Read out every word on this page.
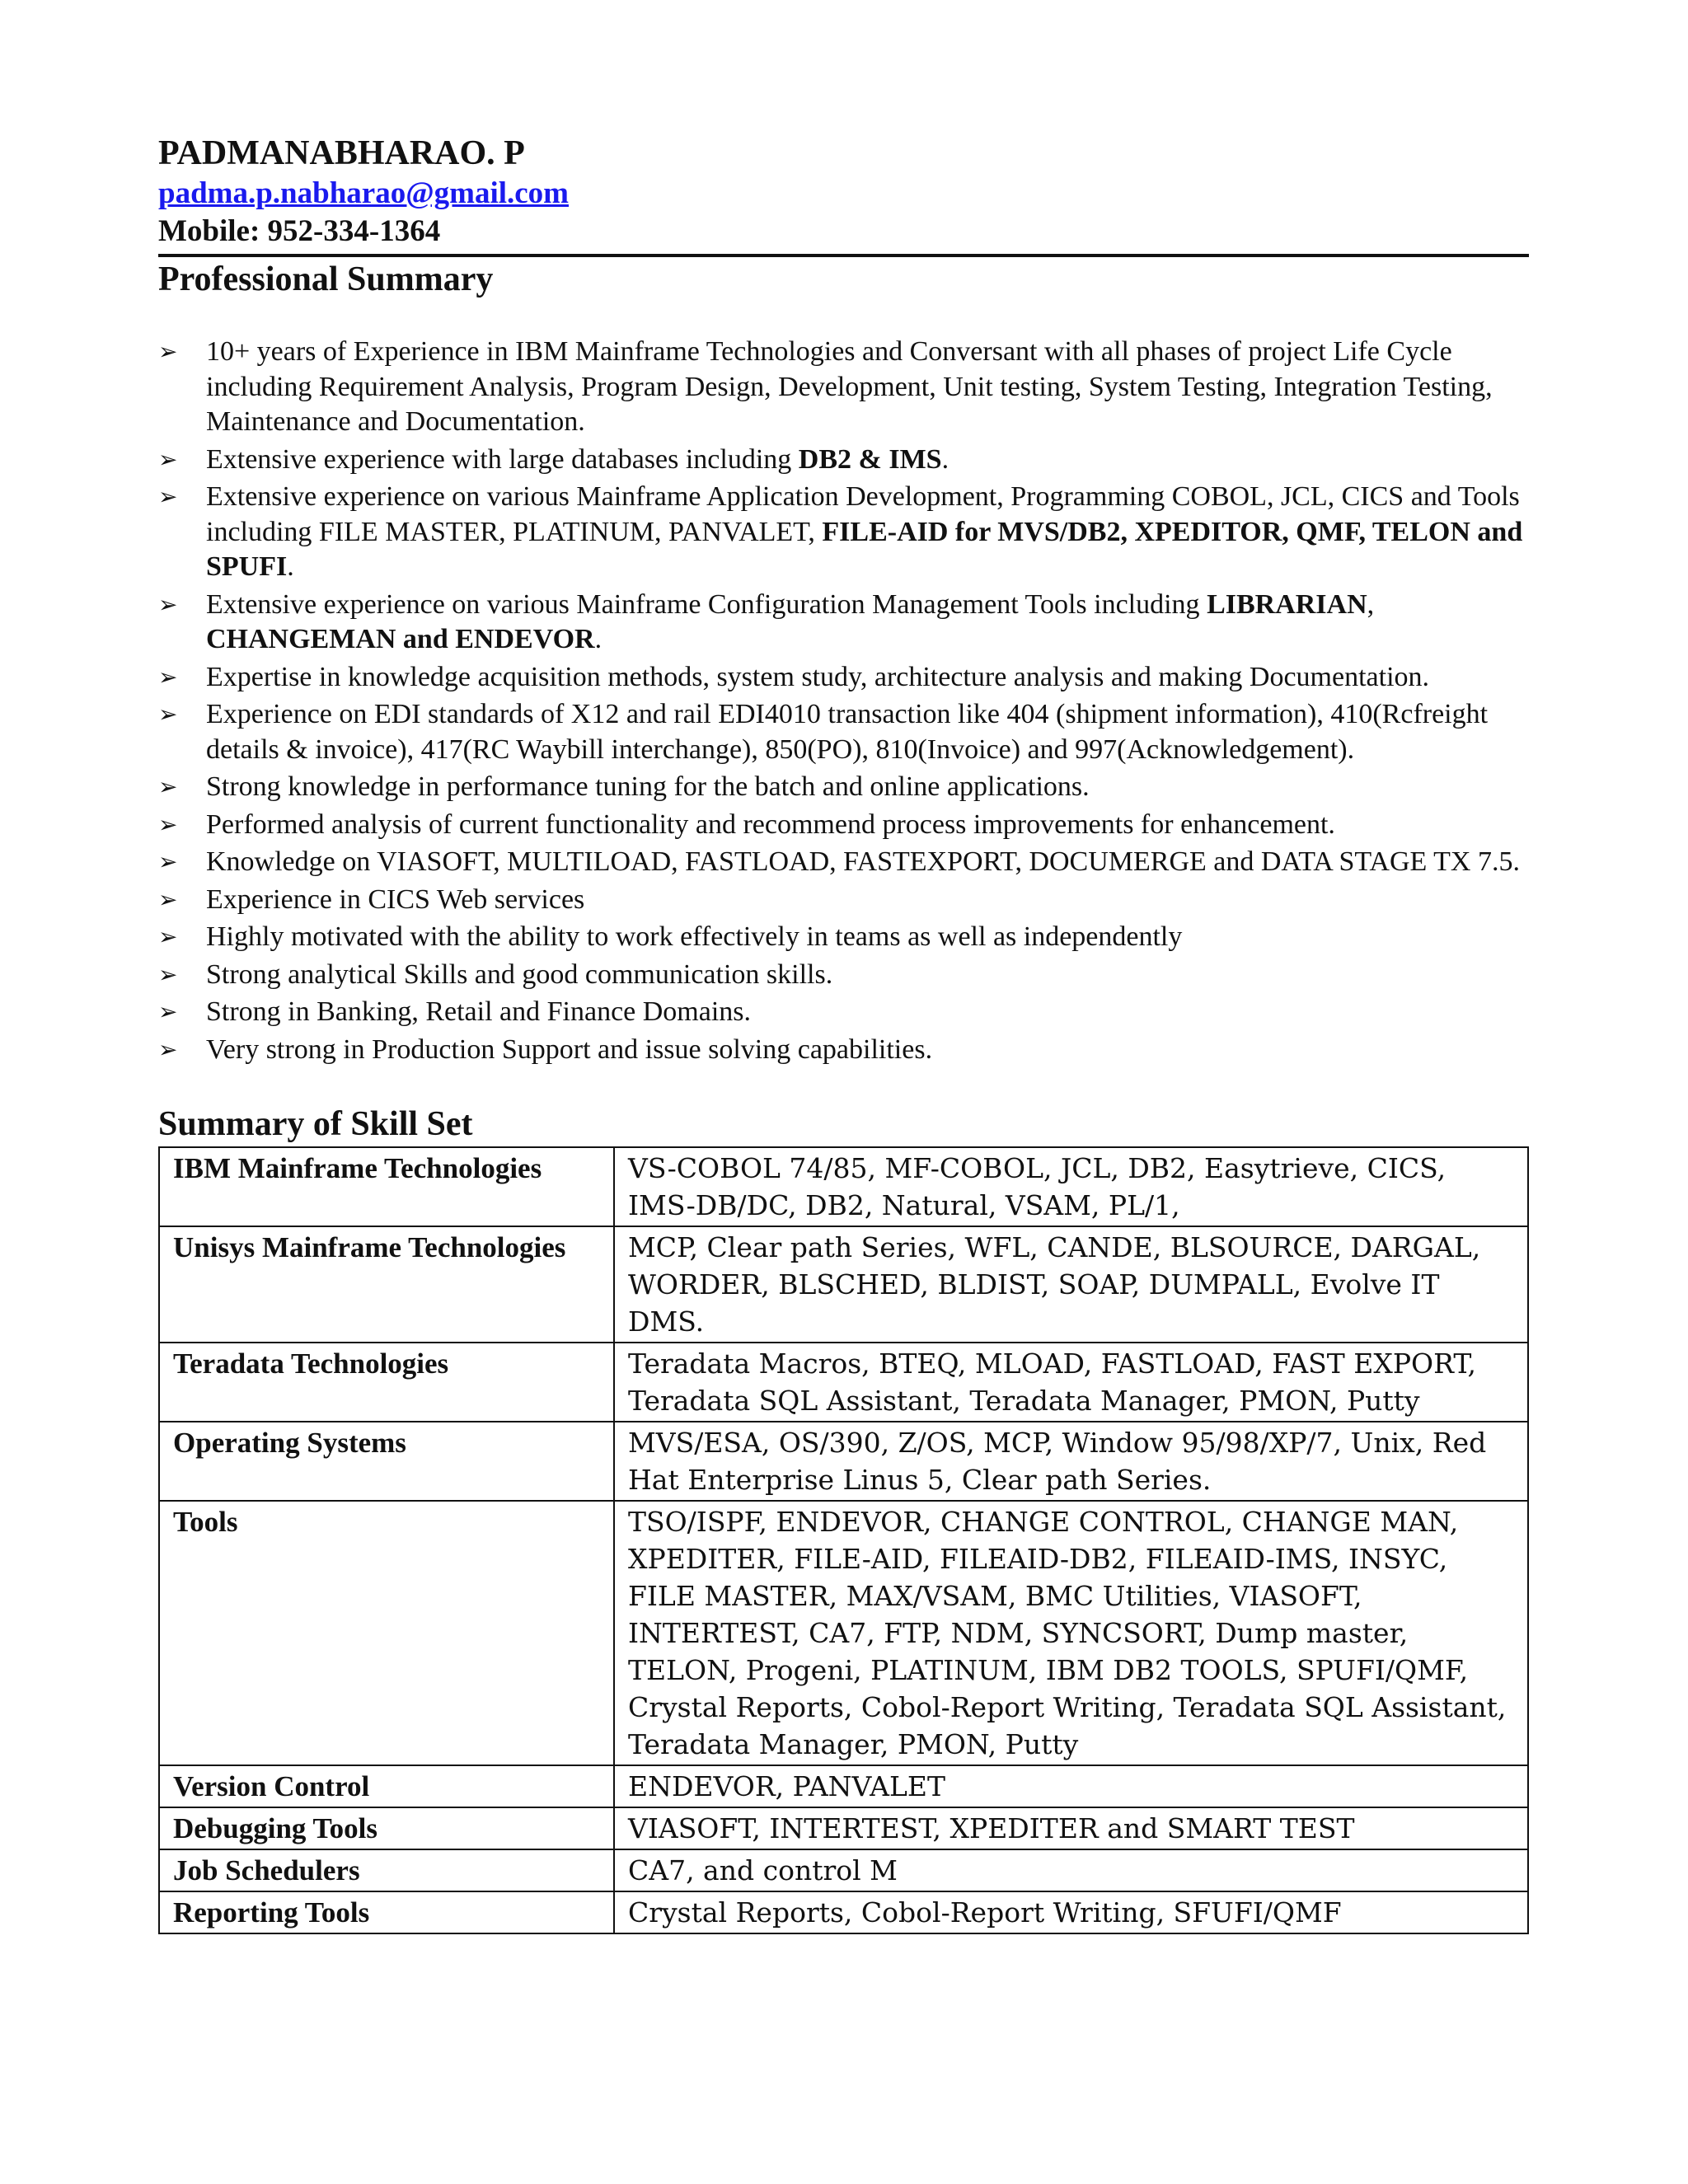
PADMANABHARAO. P
padma.p.nabharao@gmail.com
Mobile: 952-334-1364
Professional Summary
➢ 10+ years of Experience in IBM Mainframe Technologies and Conversant with all phases of project Life Cycle including Requirement Analysis, Program Design, Development, Unit testing, System Testing, Integration Testing, Maintenance and Documentation.
➢ Extensive experience with large databases including DB2 & IMS.
➢ Extensive experience on various Mainframe Application Development, Programming COBOL, JCL, CICS and Tools including FILE MASTER, PLATINUM, PANVALET, FILE-AID for MVS/DB2, XPEDITOR, QMF, TELON and SPUFI.
➢ Extensive experience on various Mainframe Configuration Management Tools including LIBRARIAN, CHANGEMAN and ENDEVOR.
➢ Expertise in knowledge acquisition methods, system study, architecture analysis and making Documentation.
➢ Experience on EDI standards of X12 and rail EDI4010 transaction like 404 (shipment information), 410(Rcfreight details & invoice), 417(RC Waybill interchange), 850(PO), 810(Invoice) and 997(Acknowledgement).
➢ Strong knowledge in performance tuning for the batch and online applications.
➢ Performed analysis of current functionality and recommend process improvements for enhancement.
➢ Knowledge on VIASOFT, MULTILOAD, FASTLOAD, FASTEXPORT, DOCUMERGE and DATA STAGE TX 7.5.
➢ Experience in CICS Web services
➢ Highly motivated with the ability to work effectively in teams as well as independently
➢ Strong analytical Skills and good communication skills.
➢ Strong in Banking, Retail and Finance Domains.
➢ Very strong in Production Support and issue solving capabilities.
Summary of Skill Set
IBM Mainframe Technologies	VS-COBOL 74/85, MF-COBOL, JCL, DB2, Easytrieve, CICS, IMS-DB/DC, DB2, Natural, VSAM, PL/1,
Unisys Mainframe Technologies	MCP, Clear path Series, WFL, CANDE, BLSOURCE, DARGAL, WORDER, BLSCHED, BLDIST, SOAP, DUMPALL, Evolve IT DMS.
Teradata Technologies	Teradata Macros, BTEQ, MLOAD, FASTLOAD, FAST EXPORT, Teradata SQL Assistant, Teradata Manager, PMON, Putty
Operating Systems	MVS/ESA, OS/390, Z/OS, MCP, Window 95/98/XP/7, Unix, Red Hat Enterprise Linus 5, Clear path Series.
Tools	TSO/ISPF, ENDEVOR, CHANGE CONTROL, CHANGE MAN, XPEDITER, FILE-AID, FILEAID-DB2, FILEAID-IMS, INSYC, FILE MASTER, MAX/VSAM, BMC Utilities, VIASOFT, INTERTEST, CA7, FTP, NDM, SYNCSORT, Dump master, TELON, Progeni, PLATINUM, IBM DB2 TOOLS, SPUFI/QMF, Crystal Reports, Cobol-Report Writing, Teradata SQL Assistant, Teradata Manager, PMON, Putty
Version Control	ENDEVOR, PANVALET
Debugging Tools	VIASOFT, INTERTEST, XPEDITER and SMART TEST
Job Schedulers	CA7, and control M
Reporting Tools	Crystal Reports, Cobol-Report Writing, SFUFI/QMF
